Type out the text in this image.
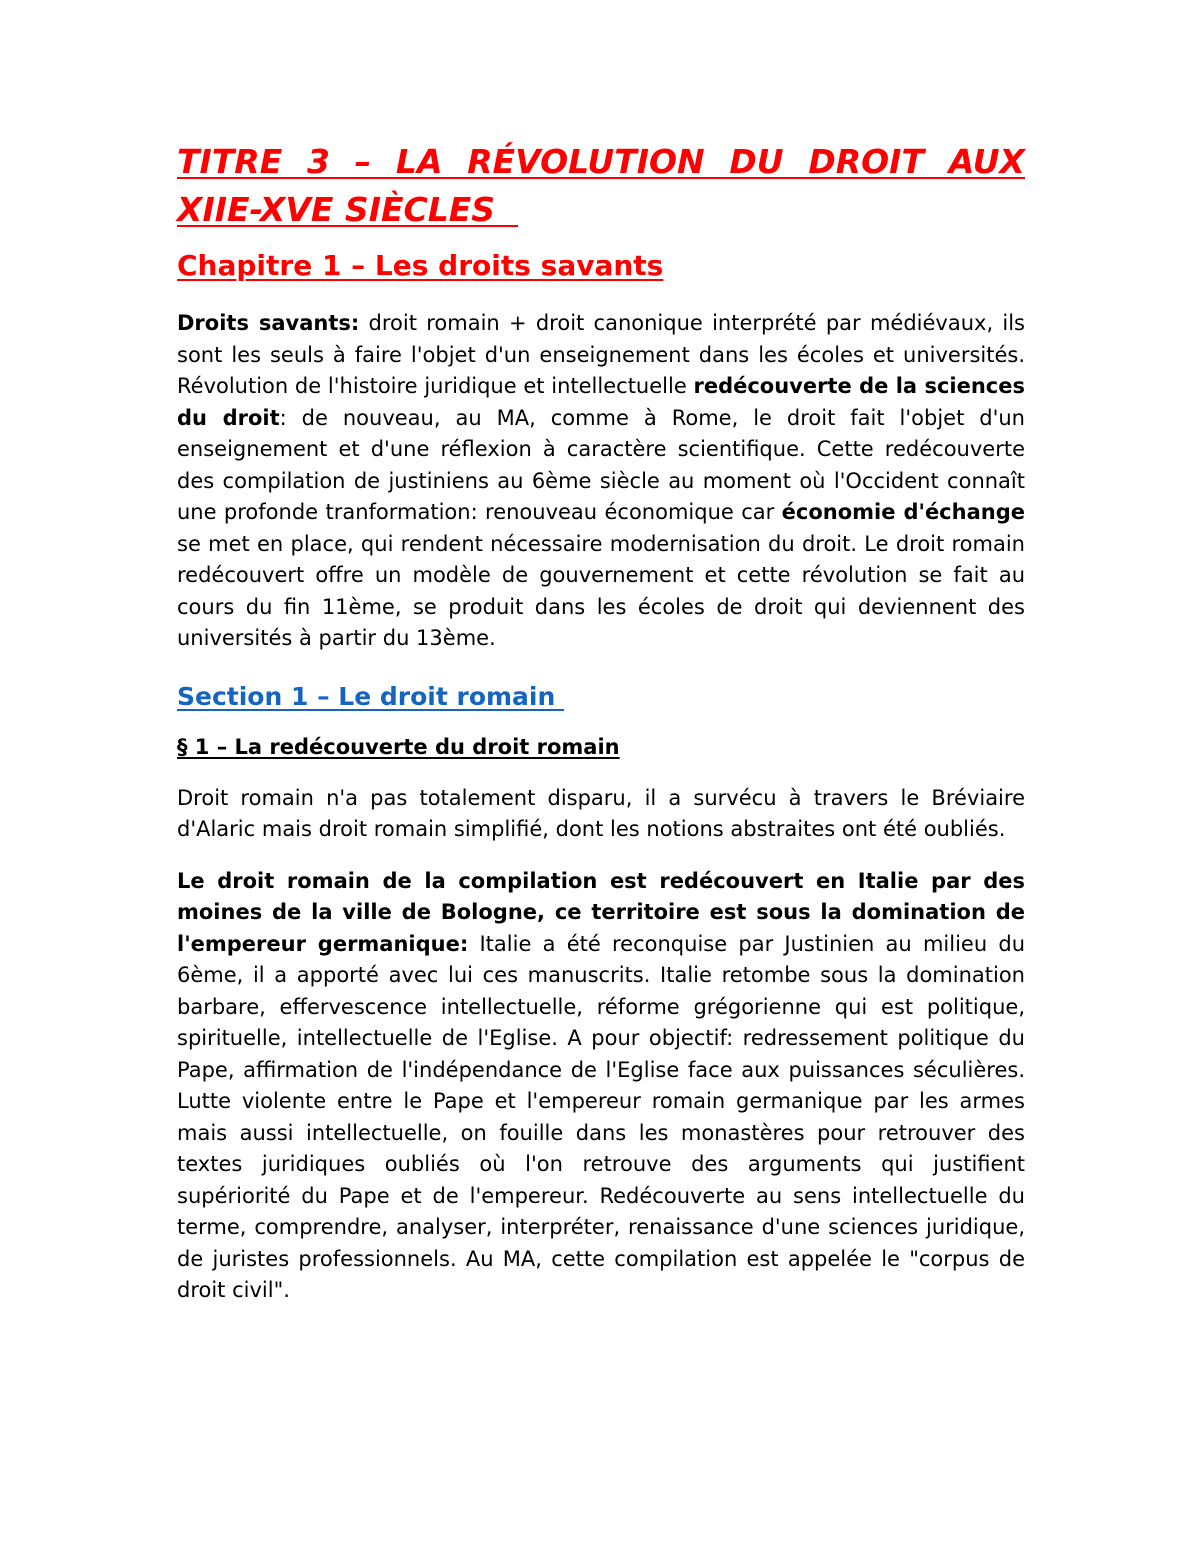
TITRE 3 – LA RÉVOLUTION DU DROIT AUX
XIIE-XVE SIÈCLES
Chapitre 1 – Les droits savants

Droits savants: droit romain + droit canonique interprété par médiévaux, ils sont les seuls à faire l'objet d'un enseignement dans les écoles et universités. Révolution de l'histoire juridique et intellectuelle redécouverte de la sciences du droit: de nouveau, au MA, comme à Rome, le droit fait l'objet d'un enseignement et d'une réflexion à caractère scientifique. Cette redécouverte des compilation de justiniens au 6ème siècle au moment où l'Occident connaît une profonde tranformation: renouveau économique car économie d'échange se met en place, qui rendent nécessaire modernisation du droit. Le droit romain redécouvert offre un modèle de gouvernement et cette révolution se fait au cours du fin 11ème, se produit dans les écoles de droit qui deviennent des universités à partir du 13ème.

Section 1 – Le droit romain
§ 1 – La redécouverte du droit romain

Droit romain n'a pas totalement disparu, il a survécu à travers le Bréviaire d'Alaric mais droit romain simplifié, dont les notions abstraites ont été oubliés.

Le droit romain de la compilation est redécouvert en Italie par des moines de la ville de Bologne, ce territoire est sous la domination de l'empereur germanique: Italie a été reconquise par Justinien au milieu du 6ème, il a apporté avec lui ces manuscrits. Italie retombe sous la domination barbare, effervescence intellectuelle, réforme grégorienne qui est politique, spirituelle, intellectuelle de l'Eglise. A pour objectif: redressement politique du Pape, affirmation de l'indépendance de l'Eglise face aux puissances séculières. Lutte violente entre le Pape et l'empereur romain germanique par les armes mais aussi intellectuelle, on fouille dans les monastères pour retrouver des textes juridiques oubliés où l'on retrouve des arguments qui justifient supériorité du Pape et de l'empereur. Redécouverte au sens intellectuelle du terme, comprendre, analyser, interpréter, renaissance d'une sciences juridique, de juristes professionnels. Au MA, cette compilation est appelée le "corpus de droit civil".
